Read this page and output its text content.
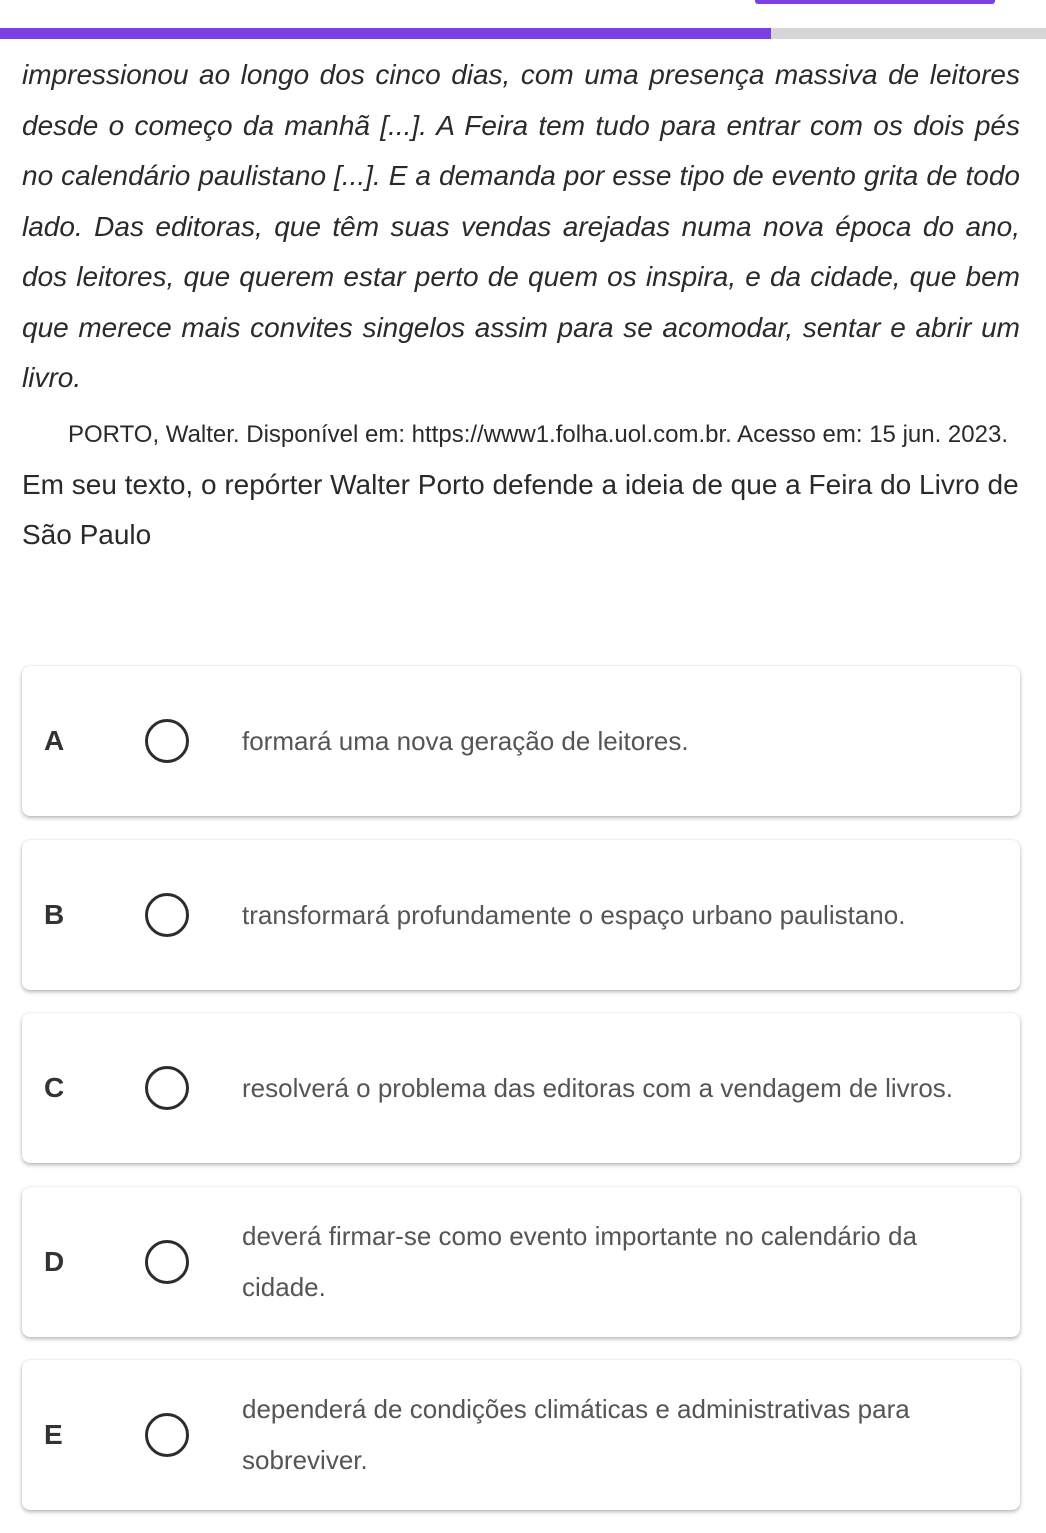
impressionou ao longo dos cinco dias, com uma presença massiva de leitores desde o começo da manhã [...]. A Feira tem tudo para entrar com os dois pés no calendário paulistano [...]. E a demanda por esse tipo de evento grita de todo lado. Das editoras, que têm suas vendas arejadas numa nova época do ano, dos leitores, que querem estar perto de quem os inspira, e da cidade, que bem que merece mais convites singelos assim para se acomodar, sentar e abrir um livro.

PORTO, Walter. Disponível em: https://www1.folha.uol.com.br. Acesso em: 15 jun. 2023.

Em seu texto, o repórter Walter Porto defende a ideia de que a Feira do Livro de São Paulo

A	formará uma nova geração de leitores.
B	transformará profundamente o espaço urbano paulistano.
C	resolverá o problema das editoras com a vendagem de livros.
D
deverá firmar-se como evento importante no calendário da cidade.
E
dependerá de condições climáticas e administrativas para sobreviver.
